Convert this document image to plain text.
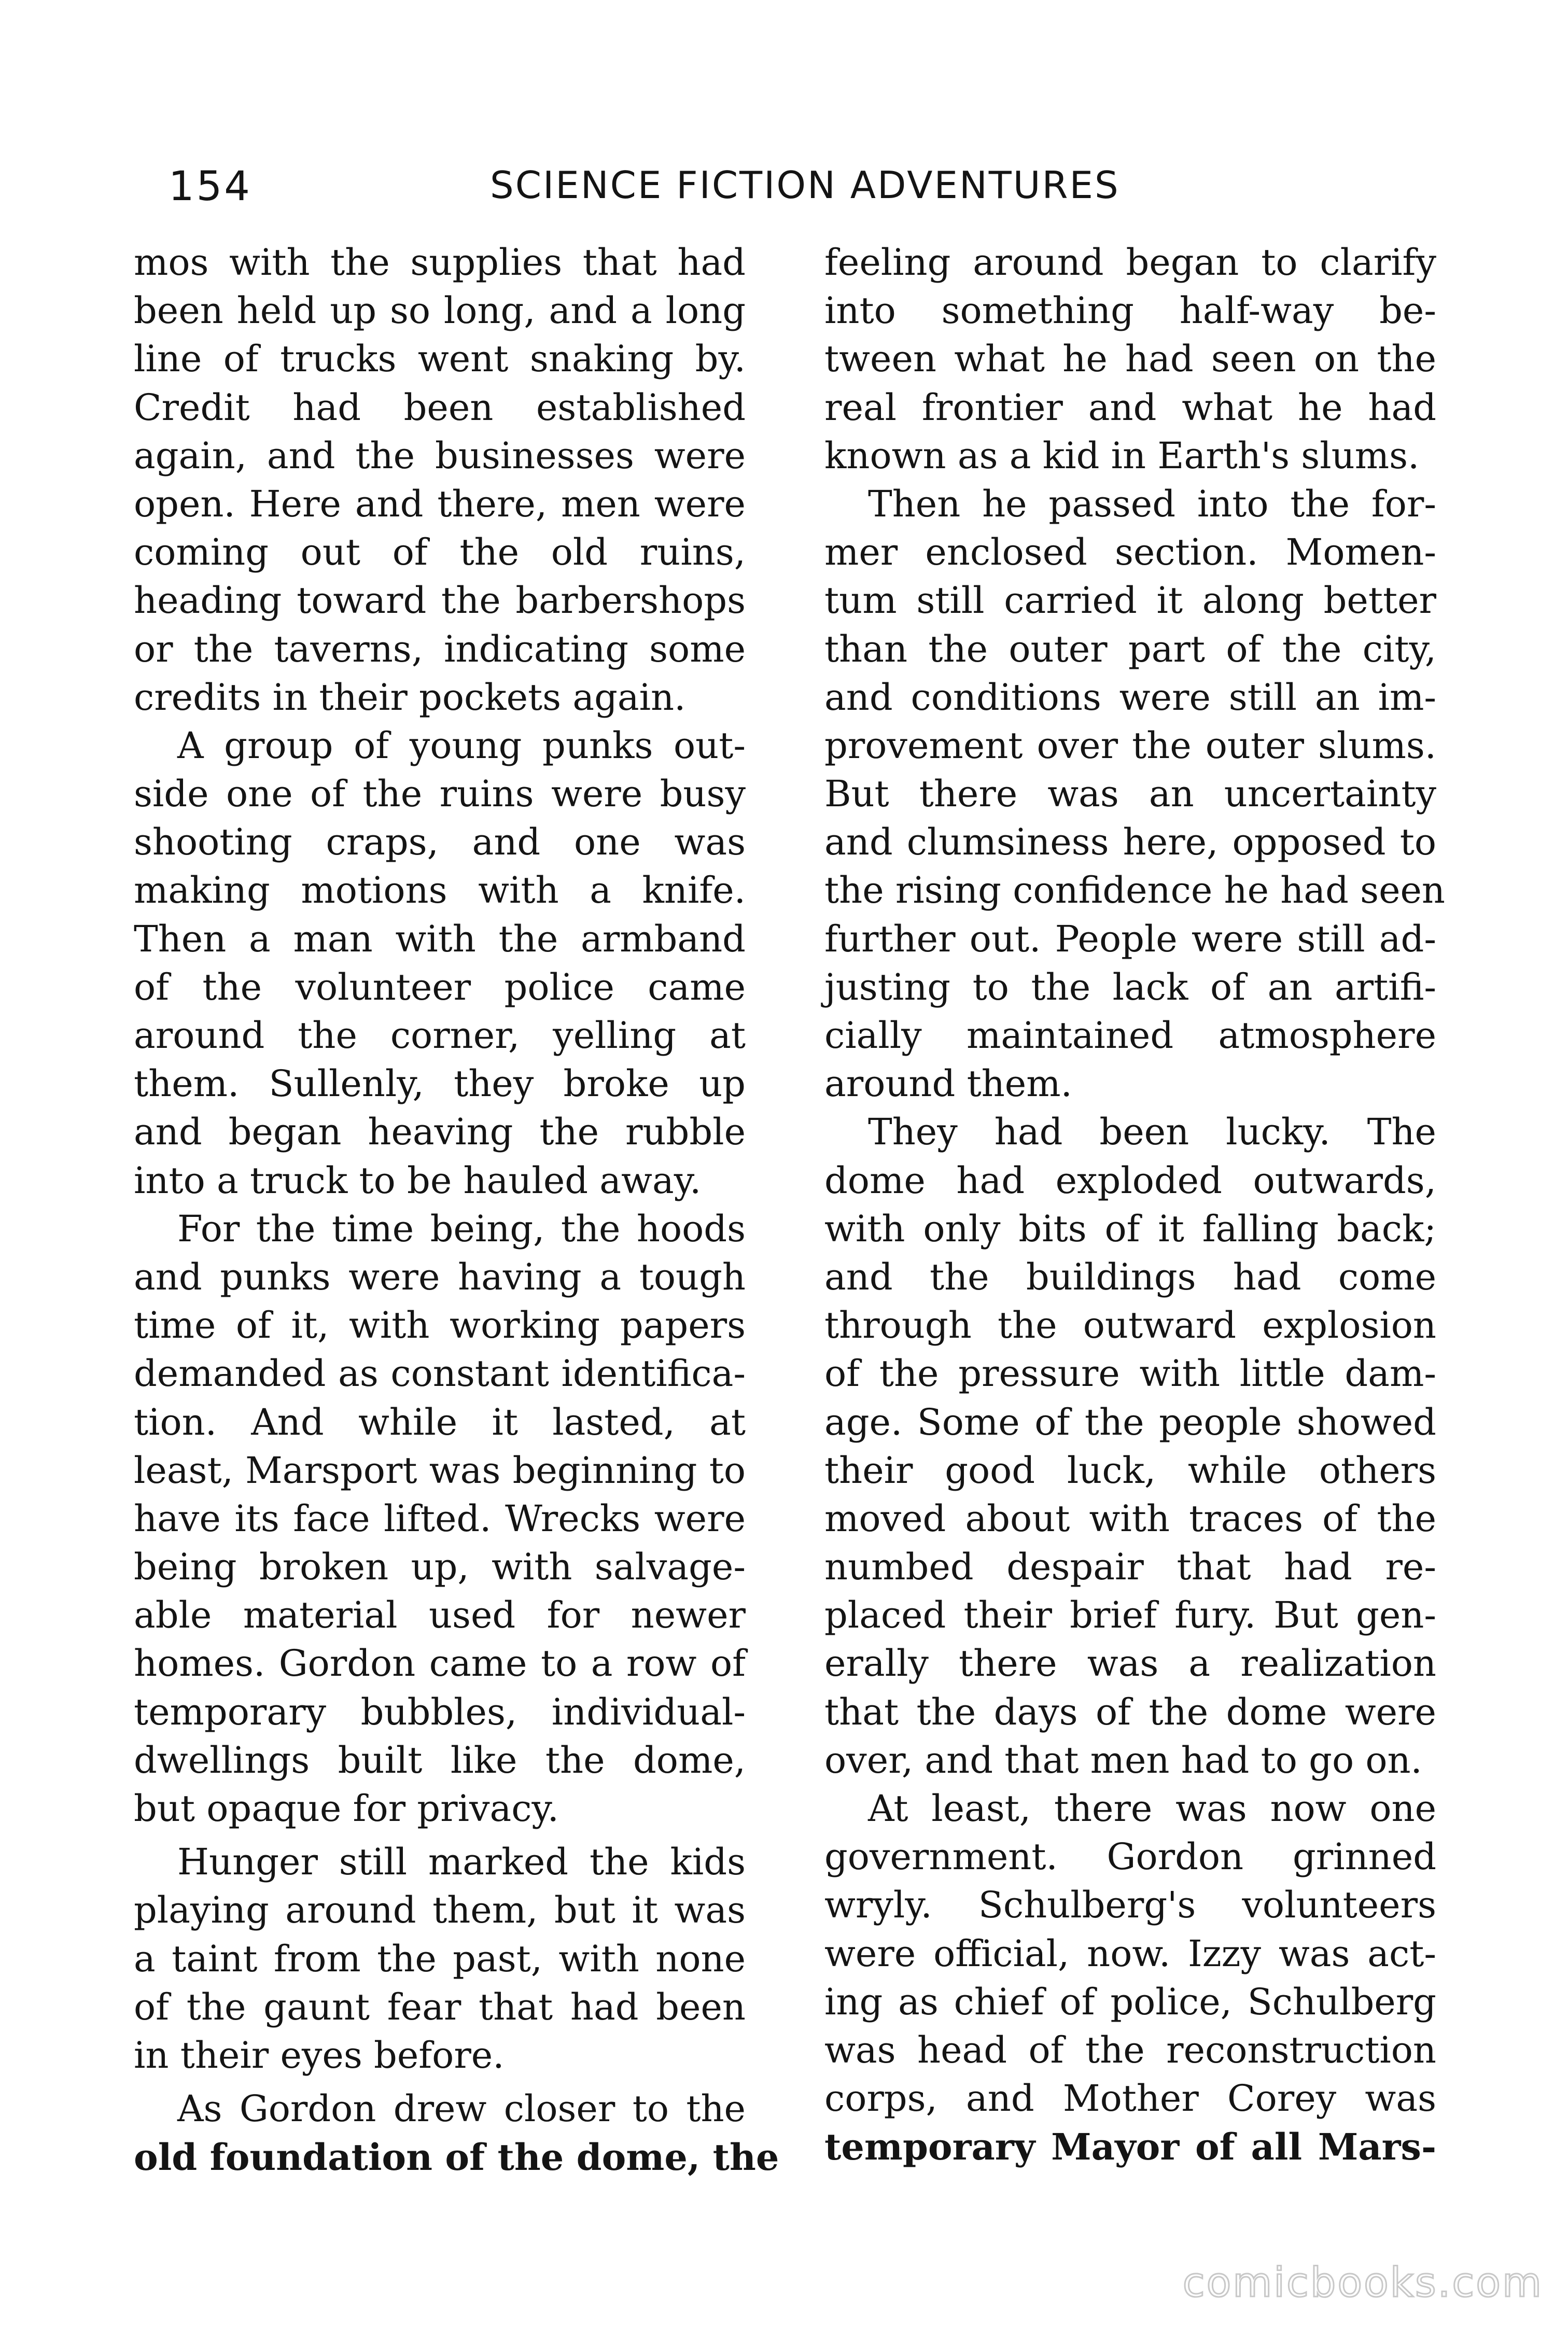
154	SCIENCE FICTION ADVENTURES
mos with the supplies that had
been held up so long, and a long
line of trucks went snaking by.
Credit had been established
again, and the businesses were
open. Here and there, men were
coming out of the old ruins,
heading toward the barbershops
or the taverns, indicating some
credits in their pockets again.
A group of young punks out-
side one of the ruins were busy
shooting craps, and one was
making motions with a knife.
Then a man with the armband
of the volunteer police came
around the corner, yelling at
them. Sullenly, they broke up
and began heaving the rubble
into a truck to be hauled away.
For the time being, the hoods
and punks were having a tough
time of it, with working papers
demanded as constant identifica-
tion. And while it lasted, at
least, Marsport was beginning to
have its face lifted. Wrecks were
being broken up, with salvage-
able material used for newer
homes. Gordon came to a row of
temporary bubbles, individual-
dwellings built like the dome,
but opaque for privacy.
Hunger still marked the kids
playing around them, but it was
a taint from the past, with none
of the gaunt fear that had been
in their eyes before.
As Gordon drew closer to the
old foundation of the dome, the
feeling around began to clarify
into something half-way be-
tween what he had seen on the
real frontier and what he had
known as a kid in Earth's slums.
Then he passed into the for-
mer enclosed section. Momen-
tum still carried it along better
than the outer part of the city,
and conditions were still an im-
provement over the outer slums.
But there was an uncertainty
and clumsiness here, opposed to
the rising confidence he had seen
further out. People were still ad-
justing to the lack of an artifi-
cially maintained atmosphere
around them.
They had been lucky. The
dome had exploded outwards,
with only bits of it falling back;
and the buildings had come
through the outward explosion
of the pressure with little dam-
age. Some of the people showed
their good luck, while others
moved about with traces of the
numbed despair that had re-
placed their brief fury. But gen-
erally there was a realization
that the days of the dome were
over, and that men had to go on.
At least, there was now one
government. Gordon grinned
wryly. Schulberg's volunteers
were official, now. Izzy was act-
ing as chief of police, Schulberg
was head of the reconstruction
corps, and Mother Corey was
temporary Mayor of all Mars-
comicbooks.com
